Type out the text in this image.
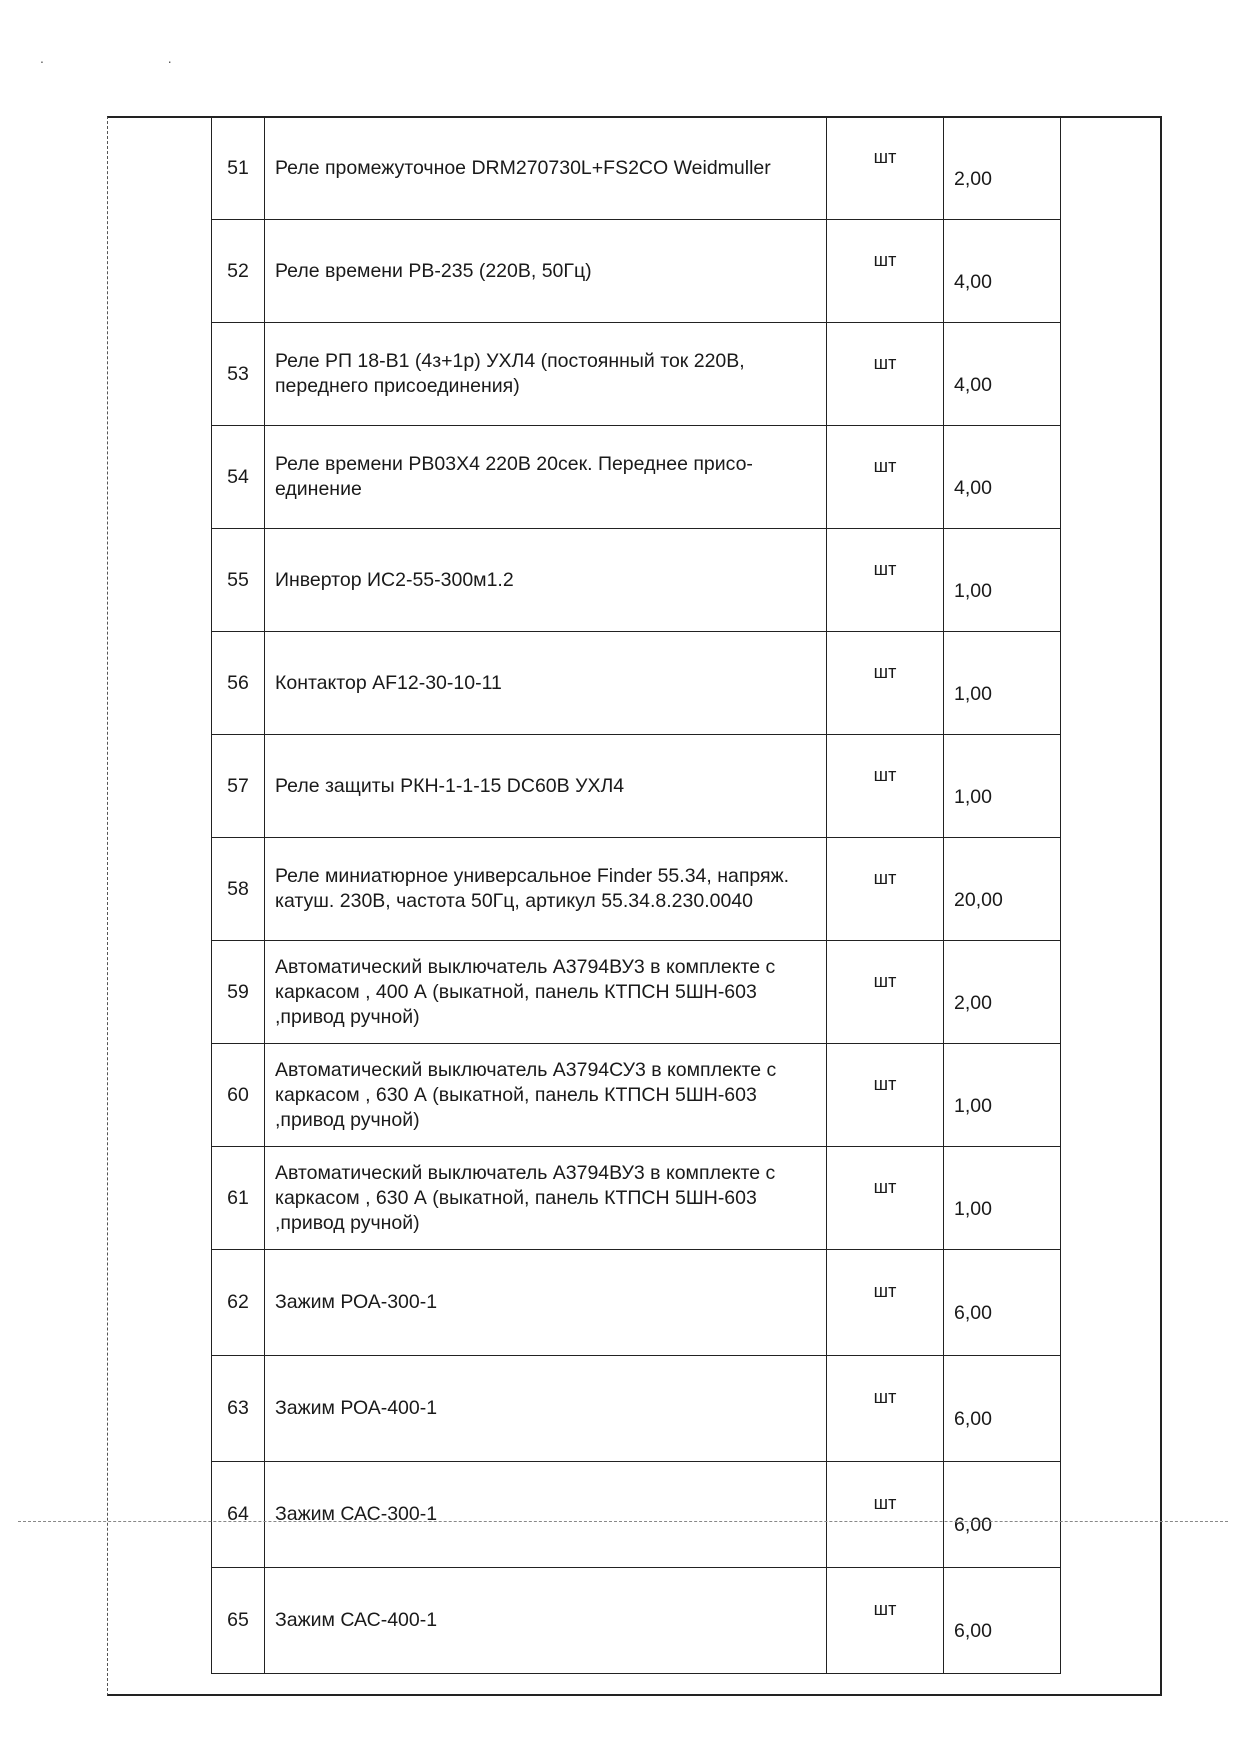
. .
51	Реле промежуточное DRM270730L+FS2CO Weidmuller	шт	2,00
52	Реле времени РВ-235 (220В, 50Гц)	шт	4,00
53	Реле РП 18-В1 (4з+1р) УХЛ4 (постоянный ток 220В, переднего присоединения)	шт	4,00
54	Реле времени РВ03Х4 220В 20сек. Переднее присо-единение	шт	4,00
55	Инвертор ИС2-55-300м1.2	шт	1,00
56	Контактор AF12-30-10-11	шт	1,00
57	Реле защиты РКН-1-1-15 DC60В УХЛ4	шт	1,00
58	Реле миниатюрное универсальное Finder 55.34, напряж. катуш. 230В, частота 50Гц, артикул 55.34.8.230.0040	шт	20,00
59	Автоматический выключатель А3794ВУ3 в комплекте с каркасом , 400 А (выкатной, панель КТПСН 5ШН-603 ,привод ручной)	шт	2,00
60	Автоматический выключатель А3794СУ3 в комплекте с каркасом , 630 А (выкатной, панель КТПСН 5ШН-603 ,привод ручной)	шт	1,00
61	Автоматический выключатель А3794ВУ3 в комплекте с каркасом , 630 А (выкатной, панель КТПСН 5ШН-603 ,привод ручной)	шт	1,00
62	Зажим РОА-300-1	шт	6,00
63	Зажим РОА-400-1	шт	6,00
64	Зажим САС-300-1	шт	6,00
65	Зажим САС-400-1	шт	6,00
